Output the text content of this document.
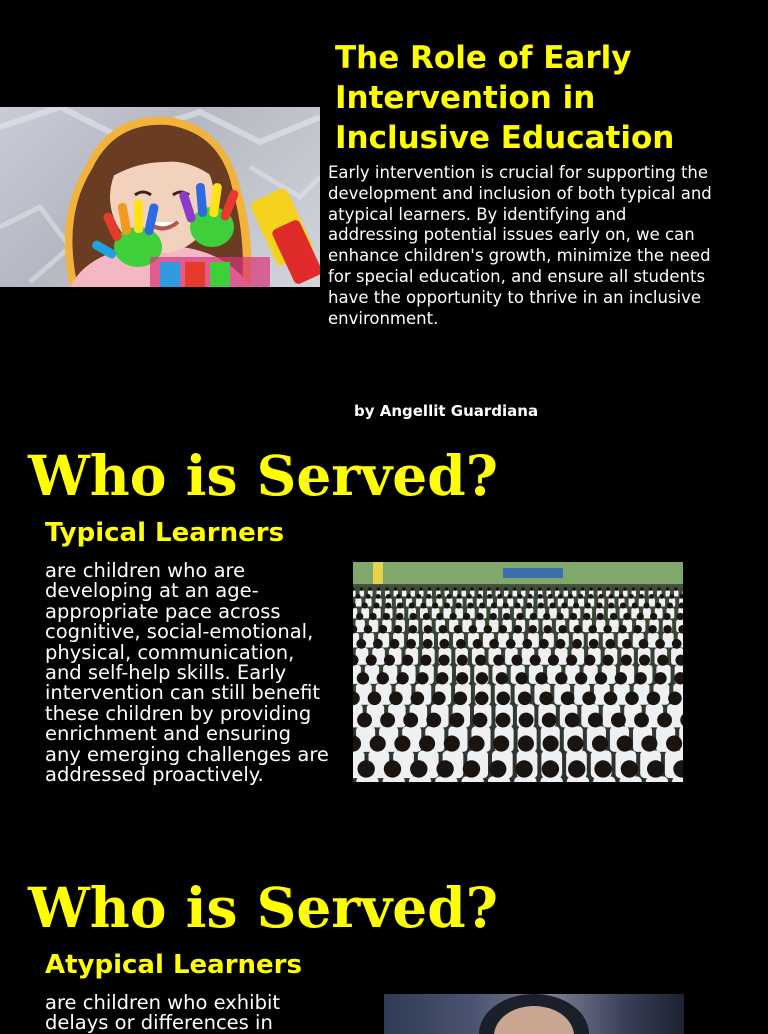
The Role of Early Intervention in Inclusive Education

Early intervention is crucial for supporting the development and inclusion of both typical and atypical learners. By identifying and addressing potential issues early on, we can enhance children's growth, minimize the need for special education, and ensure all students have the opportunity to thrive in an inclusive environment.

by Angellit Guardiana
Who is Served?
Typical Learners

are children who are developing at an age-appropriate pace across cognitive, social-emotional, physical, communication, and self-help skills. Early intervention can still benefit these children by providing enrichment and ensuring any emerging challenges are addressed proactively.

Who is Served?
Atypical Learners

are children who exhibit delays or differences in
